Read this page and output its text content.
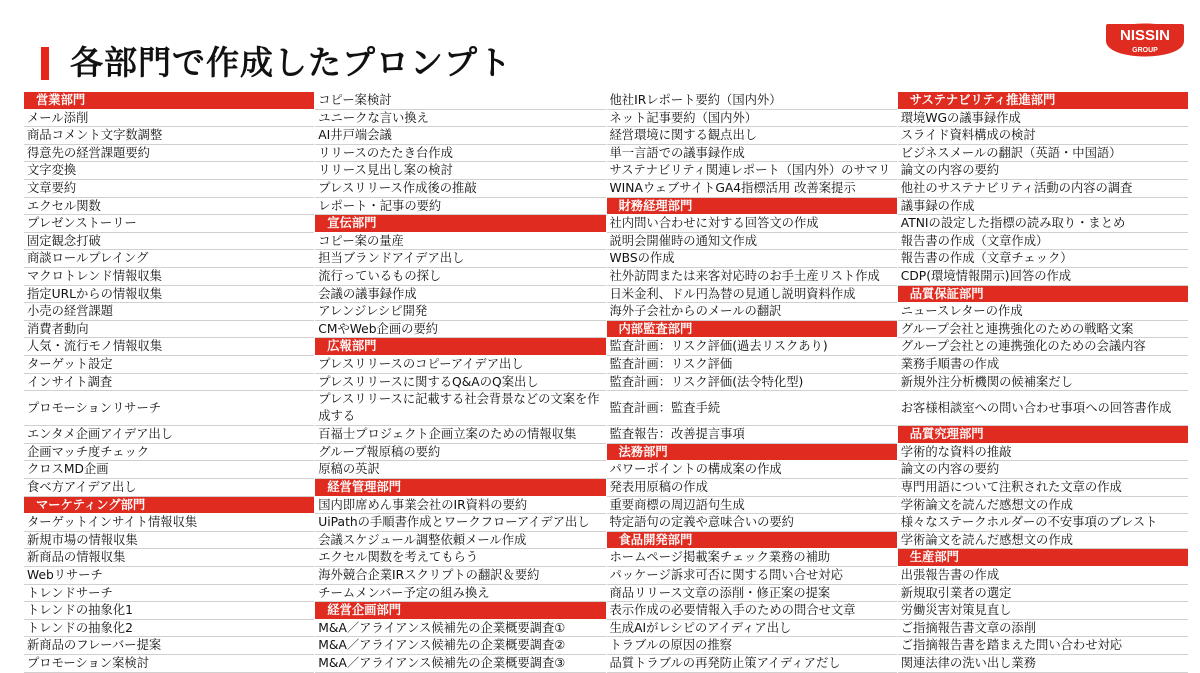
各部門で作成したプロンプト
NISSIN
GROUP
営業部門
メール添削
商品コメント文字数調整
得意先の経営課題要約
文字変換
文章要約
エクセル関数
プレゼンストーリー
固定観念打破
商談ロールプレイング
マクロトレンド情報収集
指定URLからの情報収集
小売の経営課題
消費者動向
人気・流行モノ情報収集
ターゲット設定
インサイト調査
プロモーションリサーチ
エンタメ企画アイデア出し
企画マッチ度チェック
クロスMD企画
食べ方アイデア出し
マーケティング部門
ターゲットインサイト情報収集
新規市場の情報収集
新商品の情報収集
Webリサーチ
トレンドサーチ
トレンドの抽象化1
トレンドの抽象化2
新商品のフレーバー提案
プロモーション案検討
コピー案検討
ユニークな言い換え
AI井戸端会議
リリースのたたき台作成
リリース見出し案の検討
プレスリリース作成後の推敲
レポート・記事の要約
宣伝部門
コピー案の量産
担当ブランドアイデア出し
流行っているもの探し
会議の議事録作成
アレンジレシピ開発
CMやWeb企画の要約
広報部門
プレスリリースのコピーアイデア出し
プレスリリースに関するQ&AのQ案出し
プレスリリースに記載する社会背景などの文案を作成する
百福士プロジェクト企画立案のための情報収集
グループ報原稿の要約
原稿の英訳
経営管理部門
国内即席めん事業会社のIR資料の要約
UiPathの手順書作成とワークフローアイデア出し
会議スケジュール調整依頼メール作成
エクセル関数を考えてもらう
海外競合企業IRスクリプトの翻訳＆要約
チームメンバー予定の組み換え
経営企画部門
M&A／アライアンス候補先の企業概要調査①
M&A／アライアンス候補先の企業概要調査②
M&A／アライアンス候補先の企業概要調査③
他社IRレポート要約（国内外）
ネット記事要約（国内外）
経営環境に関する観点出し
単一言語での議事録作成
サステナビリティ関連レポート（国内外）のサマリ
WINAウェブサイトGA4指標活用 改善案提示
財務経理部門
社内問い合わせに対する回答文の作成
説明会開催時の通知文作成
WBSの作成
社外訪問または来客対応時のお手土産リスト作成
日米金利、ドル円為替の見通し説明資料作成
海外子会社からのメールの翻訳
内部監査部門
監査計画：リスク評価(過去リスクあり)
監査計画：リスク評価
監査計画：リスク評価(法令特化型)
監査計画：監査手続
監査報告：改善提言事項
法務部門
パワーポイントの構成案の作成
発表用原稿の作成
重要商標の周辺語句生成
特定語句の定義や意味合いの要約
食品開発部門
ホームページ掲載案チェック業務の補助
パッケージ訴求可否に関する問い合せ対応
商品リリース文章の添削・修正案の提案
表示作成の必要情報入手のための問合せ文章
生成AIがレシピのアイディア出し
トラブルの原因の推察
品質トラブルの再発防止策アイディアだし
サステナビリティ推進部門
環境WGの議事録作成
スライド資料構成の検討
ビジネスメールの翻訳（英語・中国語）
論文の内容の要約
他社のサステナビリティ活動の内容の調査
議事録の作成
ATNIの設定した指標の読み取り・まとめ
報告書の作成（文章作成）
報告書の作成（文章チェック）
CDP(環境情報開示)回答の作成
品質保証部門
ニュースレターの作成
グループ会社と連携強化のための戦略文案
グループ会社との連携強化のための会議内容
業務手順書の作成
新規外注分析機関の候補案だし
お客様相談室への問い合わせ事項への回答書作成
品質究理部門
学術的な資料の推敲
論文の内容の要約
専門用語について注釈された文章の作成
学術論文を読んだ感想文の作成
様々なステークホルダーの不安事項のブレスト
学術論文を読んだ感想文の作成
生産部門
出張報告書の作成
新規取引業者の選定
労働災害対策見直し
ご指摘報告書文章の添削
ご指摘報告書を踏まえた問い合わせ対応
関連法律の洗い出し業務
